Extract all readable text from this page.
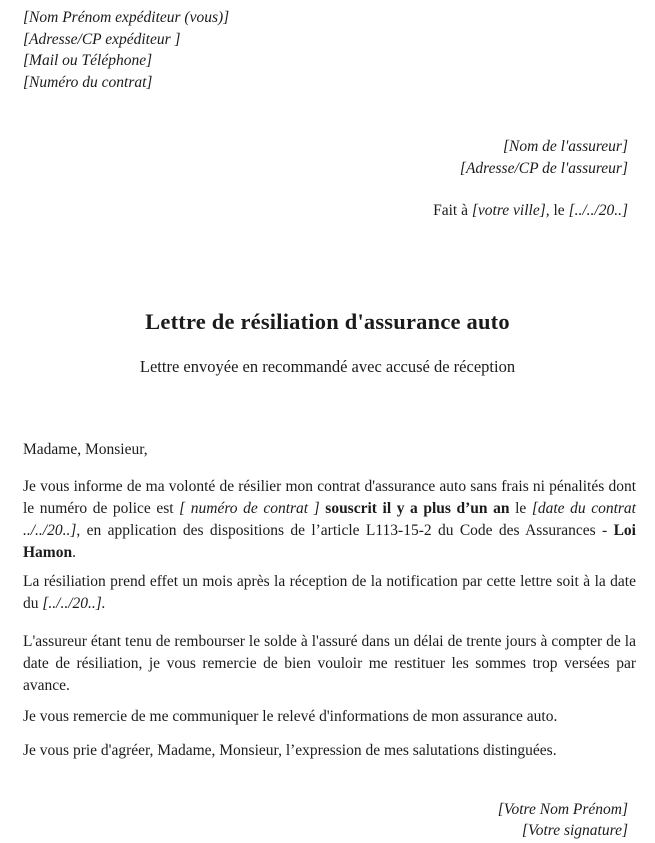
[Nom Prénom expéditeur (vous)]
[Adresse/CP expéditeur ]
[Mail ou Téléphone]
[Numéro du contrat]
[Nom de l'assureur]
[Adresse/CP de l'assureur]
Fait à [votre ville], le [../../20..]
Lettre de résiliation d'assurance auto
Lettre envoyée en recommandé avec accusé de réception

Madame, Monsieur,

Je vous informe de ma volonté de résilier mon contrat d'assurance auto sans frais ni pénalités dont le numéro de police est [ numéro de contrat ] souscrit il y a plus d’un an le [date du contrat ../../20..], en application des dispositions de l’article L113-15-2 du Code des Assurances - Loi Hamon.

La résiliation prend effet un mois après la réception de la notification par cette lettre soit à la date du [../../20..].

L'assureur étant tenu de rembourser le solde à l'assuré dans un délai de trente jours à compter de la date de résiliation, je vous remercie de bien vouloir me restituer les sommes trop versées par avance.

Je vous remercie de me communiquer le relevé d'informations de mon assurance auto.

Je vous prie d'agréer, Madame, Monsieur, l’expression de mes salutations distinguées.

[Votre Nom Prénom]
[Votre signature]
